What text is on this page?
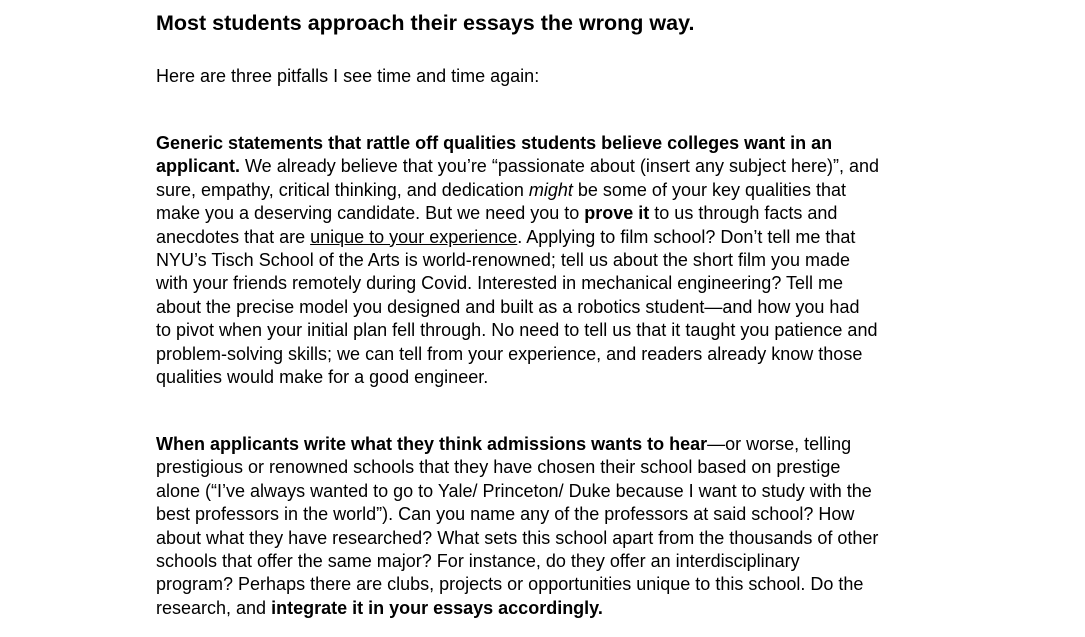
Most students approach their essays the wrong way.

Here are three pitfalls I see time and time again:

Generic statements that rattle off qualities students believe colleges want in an
applicant. We already believe that you’re “passionate about (insert any subject here)”, and
sure, empathy, critical thinking, and dedication might be some of your key qualities that
make you a deserving candidate. But we need you to prove it to us through facts and
anecdotes that are unique to your experience. Applying to film school? Don’t tell me that
NYU’s Tisch School of the Arts is world-renowned; tell us about the short film you made
with your friends remotely during Covid. Interested in mechanical engineering? Tell me
about the precise model you designed and built as a robotics student—and how you had
to pivot when your initial plan fell through. No need to tell us that it taught you patience and
problem-solving skills; we can tell from your experience, and readers already know those
qualities would make for a good engineer.

When applicants write what they think admissions wants to hear—or worse, telling
prestigious or renowned schools that they have chosen their school based on prestige
alone (“I’ve always wanted to go to Yale/ Princeton/ Duke because I want to study with the
best professors in the world”). Can you name any of the professors at said school? How
about what they have researched? What sets this school apart from the thousands of other
schools that offer the same major? For instance, do they offer an interdisciplinary
program? Perhaps there are clubs, projects or opportunities unique to this school. Do the
research, and integrate it in your essays accordingly.
